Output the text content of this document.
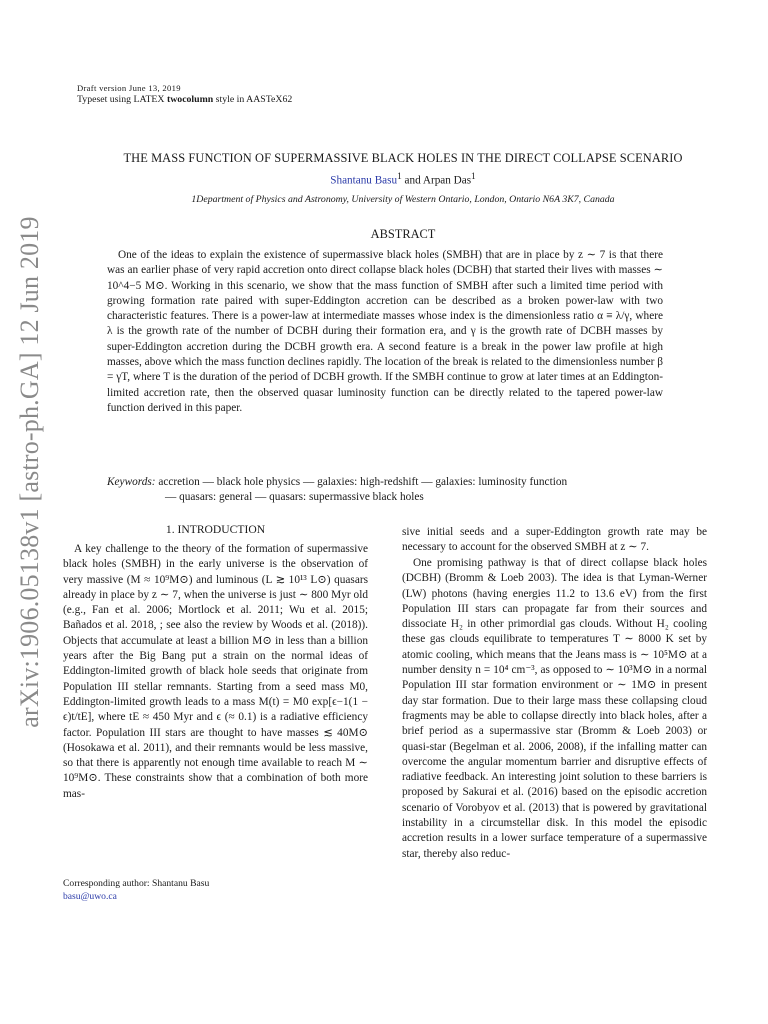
arXiv:1906.05138v1 [astro-ph.GA] 12 Jun 2019
Draft version June 13, 2019
Typeset using LATEX twocolumn style in AASTeX62
THE MASS FUNCTION OF SUPERMASSIVE BLACK HOLES IN THE DIRECT COLLAPSE SCENARIO
Shantanu Basu$^1$ and Arpan Das$^1$
1Department of Physics and Astronomy, University of Western Ontario, London, Ontario N6A 3K7, Canada
ABSTRACT
One of the ideas to explain the existence of supermassive black holes (SMBH) that are in place by z ∼ 7 is that there was an earlier phase of very rapid accretion onto direct collapse black holes (DCBH) that started their lives with masses ∼ 10^4−5 M⊙. Working in this scenario, we show that the mass function of SMBH after such a limited time period with growing formation rate paired with super-Eddington accretion can be described as a broken power-law with two characteristic features. There is a power-law at intermediate masses whose index is the dimensionless ratio α ≡ λ/γ, where λ is the growth rate of the number of DCBH during their formation era, and γ is the growth rate of DCBH masses by super-Eddington accretion during the DCBH growth era. A second feature is a break in the power law profile at high masses, above which the mass function declines rapidly. The location of the break is related to the dimensionless number β = γT, where T is the duration of the period of DCBH growth. If the SMBH continue to grow at later times at an Eddington-limited accretion rate, then the observed quasar luminosity function can be directly related to the tapered power-law function derived in this paper.
Keywords: accretion — black hole physics — galaxies: high-redshift — galaxies: luminosity function
— quasars: general — quasars: supermassive black holes
1. INTRODUCTION
A key challenge to the theory of the formation of supermassive black holes (SMBH) in the early universe is the observation of very massive (M ≈ 10⁹M⊙) and luminous (L ≳ 10¹³ L⊙) quasars already in place by z ∼ 7, when the universe is just ∼ 800 Myr old (e.g., Fan et al. 2006; Mortlock et al. 2011; Wu et al. 2015; Bañados et al. 2018, ; see also the review by Woods et al. (2018)). Objects that accumulate at least a billion M⊙ in less than a billion years after the Big Bang put a strain on the normal ideas of Eddington-limited growth of black hole seeds that originate from Population III stellar remnants. Starting from a seed mass M0, Eddington-limited growth leads to a mass M(t) = M0 exp[ϵ−1(1 − ϵ)t/tE], where tE ≈ 450 Myr and ϵ (≈ 0.1) is a radiative efficiency factor. Population III stars are thought to have masses ≲ 40M⊙ (Hosokawa et al. 2011), and their remnants would be less massive, so that there is apparently not enough time available to reach M ∼ 10⁹M⊙. These constraints show that a combination of both more mas-
sive initial seeds and a super-Eddington growth rate may be necessary to account for the observed SMBH at z ∼ 7.
One promising pathway is that of direct collapse black holes (DCBH) (Bromm & Loeb 2003). The idea is that Lyman-Werner (LW) photons (having energies 11.2 to 13.6 eV) from the first Population III stars can propagate far from their sources and dissociate H₂ in other primordial gas clouds. Without H₂ cooling these gas clouds equilibrate to temperatures T ∼ 8000 K set by atomic cooling, which means that the Jeans mass is ∼ 10⁵M⊙ at a number density n = 10⁴ cm⁻³, as opposed to ∼ 10³M⊙ in a normal Population III star formation environment or ∼ 1M⊙ in present day star formation. Due to their large mass these collapsing cloud fragments may be able to collapse directly into black holes, after a brief period as a supermassive star (Bromm & Loeb 2003) or quasi-star (Begelman et al. 2006, 2008), if the infalling matter can overcome the angular momentum barrier and disruptive effects of radiative feedback. An interesting joint solution to these barriers is proposed by Sakurai et al. (2016) based on the episodic accretion scenario of Vorobyov et al. (2013) that is powered by gravitational instability in a circumstellar disk. In this model the episodic accretion results in a lower surface temperature of a supermassive star, thereby also reduc-
Corresponding author: Shantanu Basu
basu@uwo.ca
